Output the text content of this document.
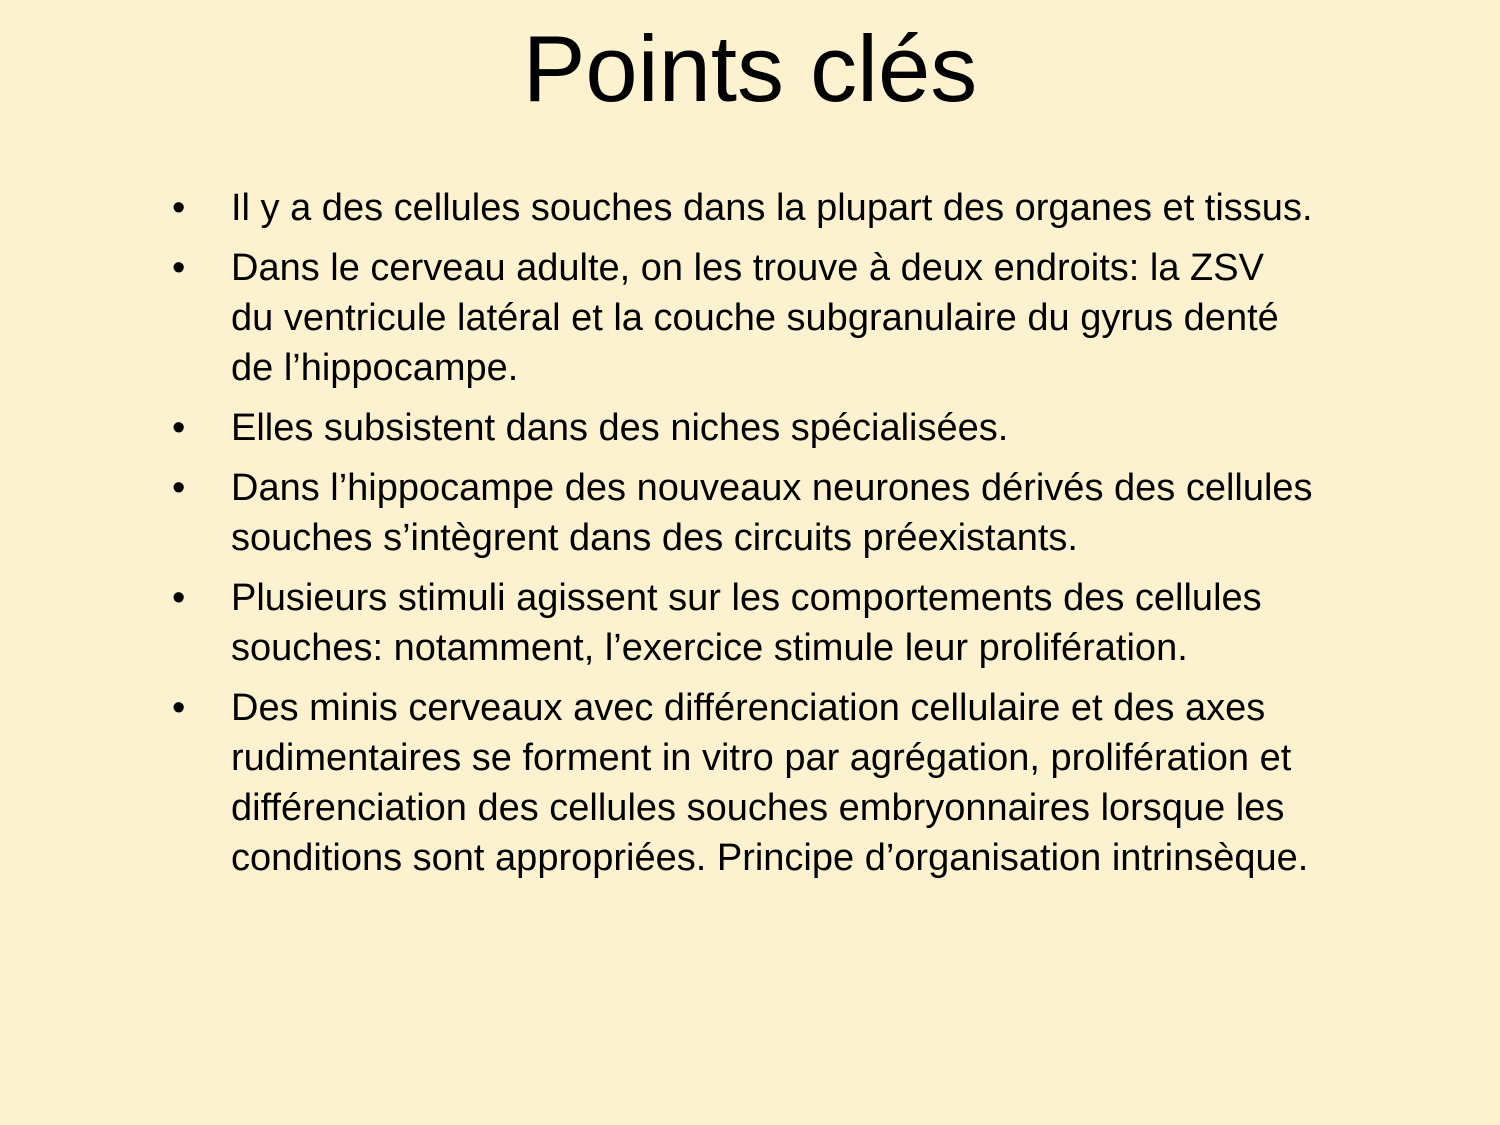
Points clés
• Il y a des cellules souches dans la plupart des organes et tissus.
• Dans le cerveau adulte, on les trouve à deux endroits: la ZSV
du ventricule latéral et la couche subgranulaire du gyrus denté
de l’hippocampe.
• Elles subsistent dans des niches spécialisées.
• Dans l’hippocampe des nouveaux neurones dérivés des cellules
souches s’intègrent dans des circuits préexistants.
• Plusieurs stimuli agissent sur les comportements des cellules
souches: notamment, l’exercice stimule leur prolifération.
• Des minis cerveaux avec différenciation cellulaire et des axes
rudimentaires se forment in vitro par agrégation, prolifération et
différenciation des cellules souches embryonnaires lorsque les
conditions sont appropriées. Principe d’organisation intrinsèque.
